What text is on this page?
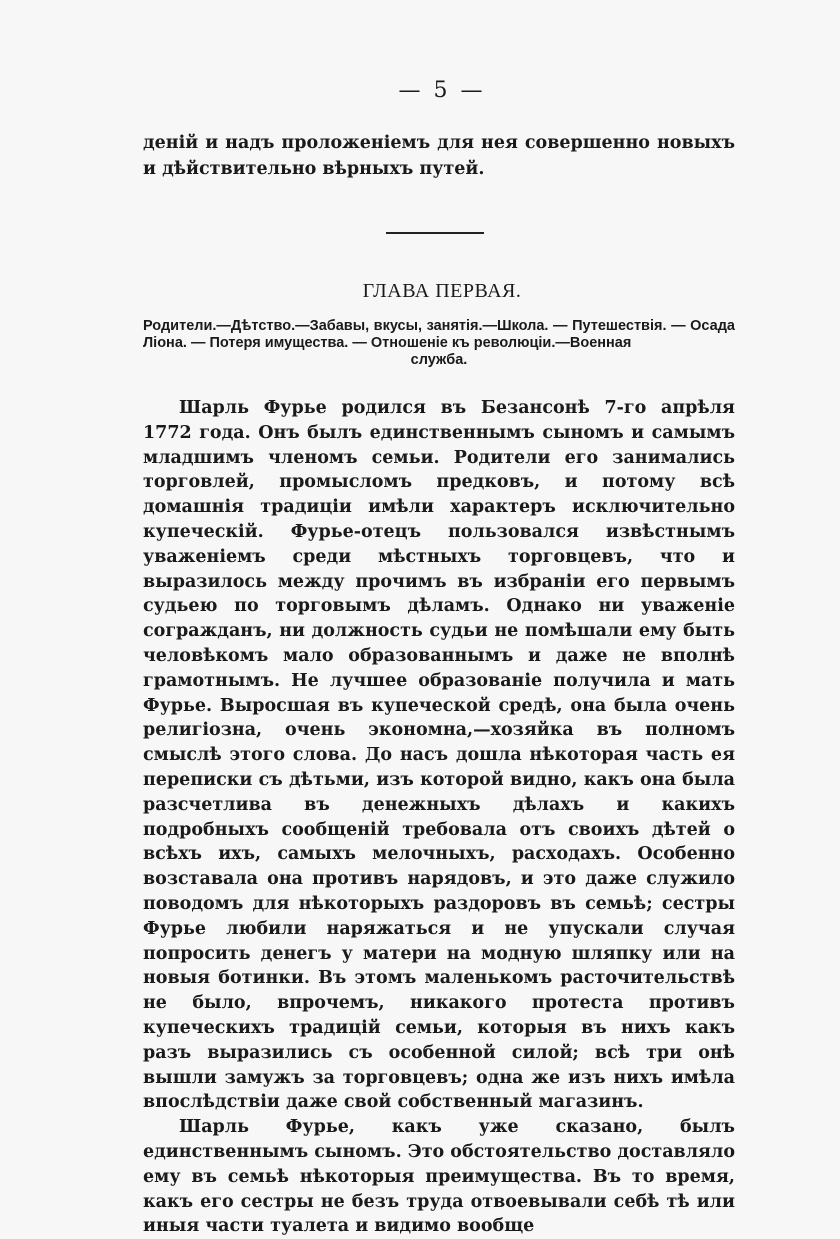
— 5 —

деній и надъ проложеніемъ для нея совершенно новыхъ и дѣйствительно вѣрныхъ путей.

ГЛАВА ПЕРВАЯ.
Родители.—Дѣтство.—Забавы, вкусы, занятія.—Школа. — Путешествія. — Осада Ліона. — Потеря имущества. — Отношеніе къ революціи.—Военная
служба.

Шарль Фурье родился въ Безансонѣ 7-го апрѣля 1772 года. Онъ былъ единственнымъ сыномъ и самымъ младшимъ членомъ семьи. Родители его занимались торговлей, промысломъ предковъ, и потому всѣ домашнія традиціи имѣли характеръ исключительно купеческій. Фурье-отецъ пользовался извѣстнымъ уваженіемъ среди мѣстныхъ торговцевъ, что и выразилось между прочимъ въ избраніи его первымъ судьею по торговымъ дѣламъ. Однако ни уваженіе согражданъ, ни должность судьи не помѣшали ему быть человѣкомъ мало образованнымъ и даже не вполнѣ грамотнымъ. Не лучшее образованіе получила и мать Фурье. Выросшая въ купеческой средѣ, она была очень религіозна, очень экономна,—хозяйка въ полномъ смыслѣ этого слова. До насъ дошла нѣкоторая часть ея переписки съ дѣтьми, изъ которой видно, какъ она была разсчетлива въ денежныхъ дѣлахъ и какихъ подробныхъ сообщеній требовала отъ своихъ дѣтей о всѣхъ ихъ, самыхъ мелочныхъ, расходахъ. Особенно возставала она противъ нарядовъ, и это даже служило поводомъ для нѣкоторыхъ раздоровъ въ семьѣ; сестры Фурье любили наряжаться и не упускали случая попросить денегъ у матери на модную шляпку или на новыя ботинки. Въ этомъ маленькомъ расточительствѣ не было, впрочемъ, никакого протеста противъ купеческихъ традицій семьи, которыя въ нихъ какъ разъ выразились съ особенной силой; всѣ три онѣ вышли замужъ за торговцевъ; одна же изъ нихъ имѣла впослѣдствіи даже свой собственный магазинъ.

Шарль Фурье, какъ уже сказано, былъ единственнымъ сыномъ. Это обстоятельство доставляло ему въ семьѣ нѣкоторыя преимущества. Въ то время, какъ его сестры не безъ труда отвоевывали себѣ тѣ или иныя части туалета и видимо вообще
